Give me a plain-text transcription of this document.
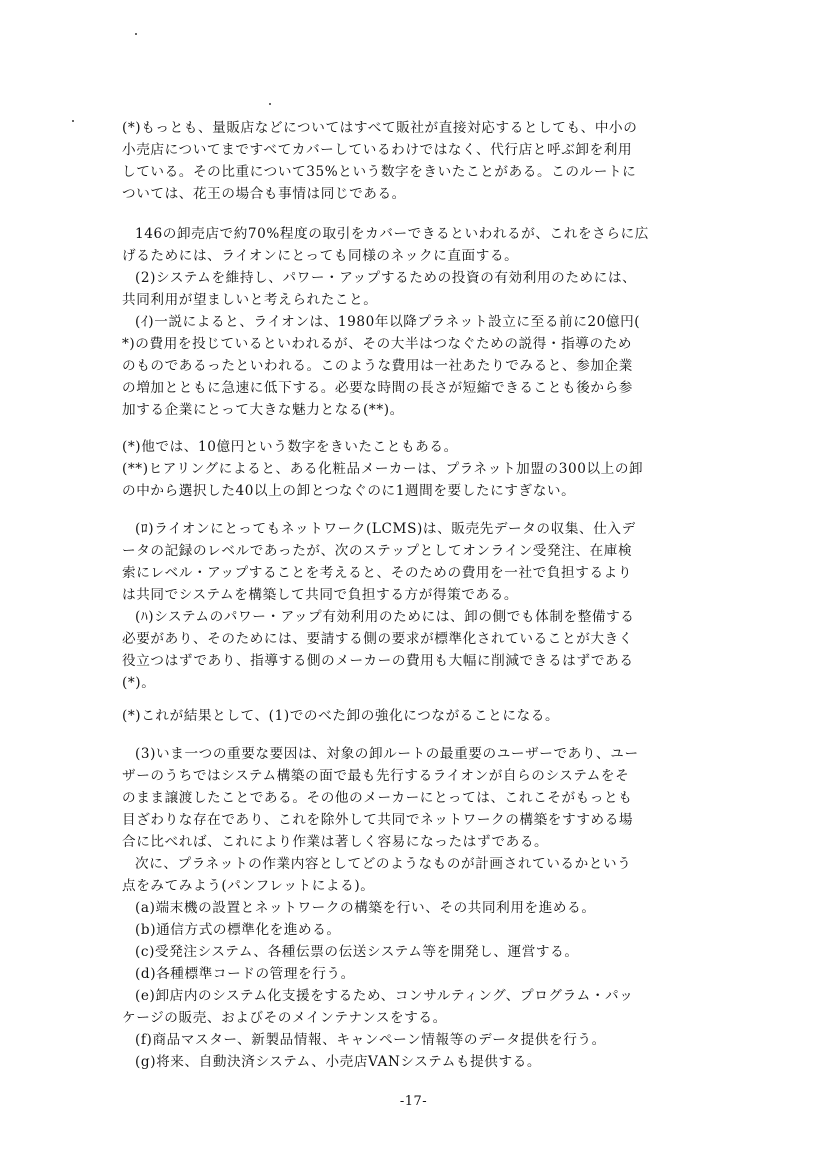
(*)もっとも、量販店などについてはすべて販社が直接対応するとしても、中小の
小売店についてまですべてカバーしているわけではなく、代行店と呼ぶ卸を利用
している。その比重について35%という数字をきいたことがある。このルートに
ついては、花王の場合も事情は同じである。
146の卸売店で約70%程度の取引をカバーできるといわれるが、これをさらに広
げるためには、ライオンにとっても同様のネックに直面する。
(2)システムを維持し、パワー・アップするための投資の有効利用のためには、
共同利用が望ましいと考えられたこと。
(ｲ)一説によると、ライオンは、1980年以降プラネット設立に至る前に20億円(
*)の費用を投じているといわれるが、その大半はつなぐための説得・指導のため
のものであるったといわれる。このような費用は一社あたりでみると、参加企業
の増加とともに急速に低下する。必要な時間の長さが短縮できることも後から参
加する企業にとって大きな魅力となる(**)。
(*)他では、10億円という数字をきいたこともある。
(**)ヒアリングによると、ある化粧品メーカーは、プラネット加盟の300以上の卸
の中から選択した40以上の卸とつなぐのに1週間を要したにすぎない。
(ﾛ)ライオンにとってもネットワーク(LCMS)は、販売先データの収集、仕入デ
ータの記録のレベルであったが、次のステップとしてオンライン受発注、在庫検
索にレベル・アップすることを考えると、そのための費用を一社で負担するより
は共同でシステムを構築して共同で負担する方が得策である。
(ﾊ)システムのパワー・アップ有効利用のためには、卸の側でも体制を整備する
必要があり、そのためには、要請する側の要求が標準化されていることが大きく
役立つはずであり、指導する側のメーカーの費用も大幅に削減できるはずである
(*)。
(*)これが結果として、(1)でのべた卸の強化につながることになる。
(3)いま一つの重要な要因は、対象の卸ルートの最重要のユーザーであり、ユー
ザーのうちではシステム構築の面で最も先行するライオンが自らのシステムをそ
のまま譲渡したことである。その他のメーカーにとっては、これこそがもっとも
目ざわりな存在であり、これを除外して共同でネットワークの構築をすすめる場
合に比べれば、これにより作業は著しく容易になったはずである。
次に、プラネットの作業内容としてどのようなものが計画されているかという
点をみてみよう(パンフレットによる)。
(a)端末機の設置とネットワークの構築を行い、その共同利用を進める。
(b)通信方式の標準化を進める。
(c)受発注システム、各種伝票の伝送システム等を開発し、運営する。
(d)各種標準コードの管理を行う。
(e)卸店内のシステム化支援をするため、コンサルティング、プログラム・パッ
ケージの販売、およびそのメインテナンスをする。
(f)商品マスター、新製品情報、キャンペーン情報等のデータ提供を行う。
(g)将来、自動決済システム、小売店VANシステムも提供する。
-17-
